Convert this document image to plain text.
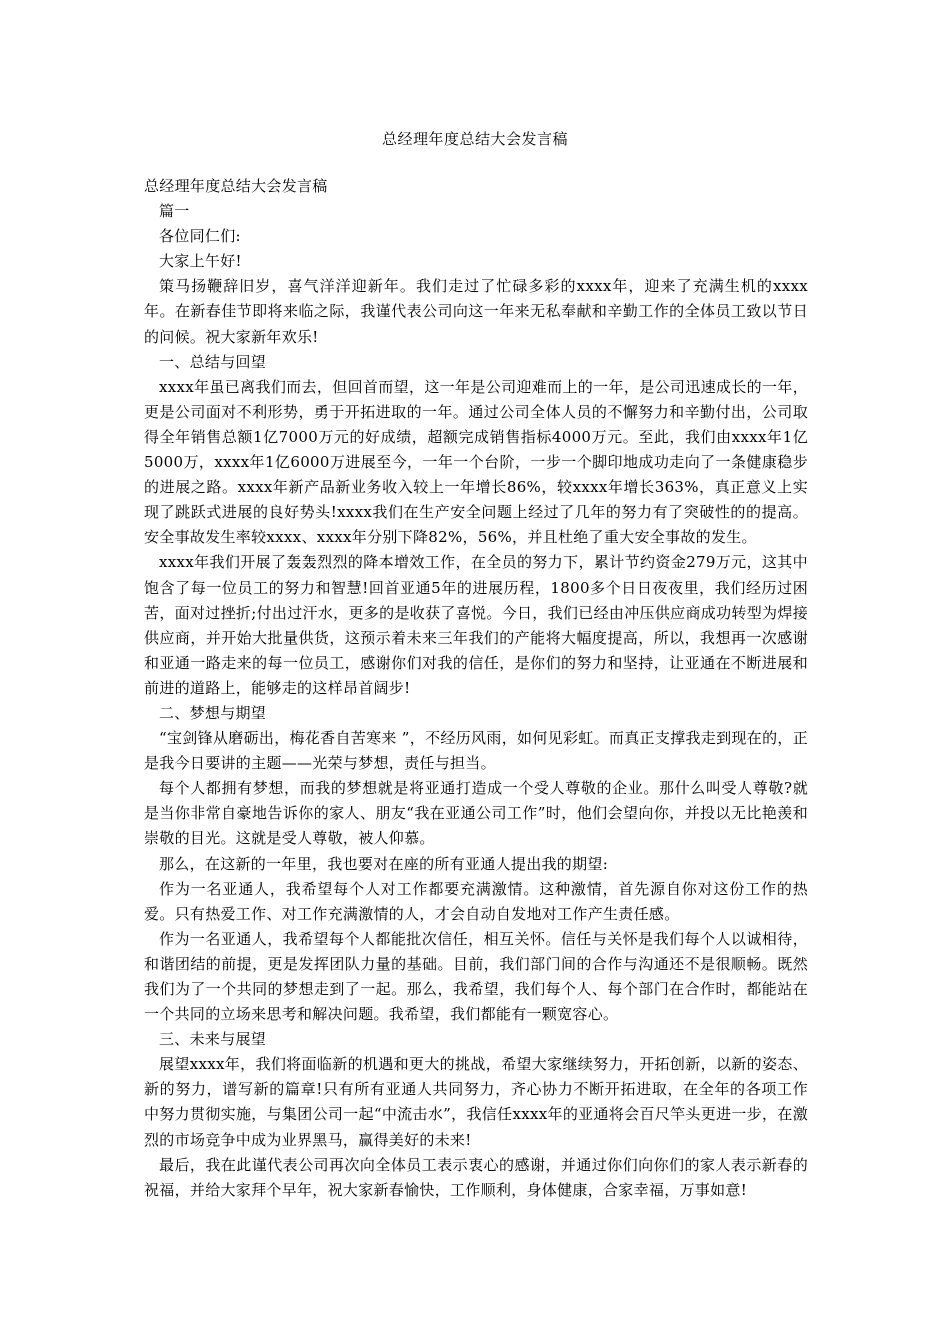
总经理年度总结大会发言稿

总经理年度总结大会发言稿

篇一

各位同仁们:

大家上午好!

策马扬鞭辞旧岁，喜气洋洋迎新年。我们走过了忙碌多彩的xxxx年，迎来了充满生机的xxxx年。在新春佳节即将来临之际，我谨代表公司向这一年来无私奉献和辛勤工作的全体员工致以节日的问候。祝大家新年欢乐!

一、总结与回望

xxxx年虽已离我们而去，但回首而望，这一年是公司迎难而上的一年，是公司迅速成长的一年，更是公司面对不利形势，勇于开拓进取的一年。通过公司全体人员的不懈努力和辛勤付出，公司取得全年销售总额1亿7000万元的好成绩，超额完成销售指标4000万元。至此，我们由xxxx年1亿5000万，xxxx年1亿6000万进展至今，一年一个台阶，一步一个脚印地成功走向了一条健康稳步的进展之路。xxxx年新产品新业务收入较上一年增长86%，较xxxx年增长363%，真正意义上实现了跳跃式进展的良好势头!xxxx我们在生产安全问题上经过了几年的努力有了突破性的的提高。安全事故发生率较xxxx、xxxx年分别下降82%，56%，并且杜绝了重大安全事故的发生。

xxxx年我们开展了轰轰烈烈的降本增效工作，在全员的努力下，累计节约资金279万元，这其中饱含了每一位员工的努力和智慧!回首亚通5年的进展历程，1800多个日日夜夜里，我们经历过困苦，面对过挫折;付出过汗水，更多的是收获了喜悦。今日，我们已经由冲压供应商成功转型为焊接供应商，并开始大批量供货，这预示着未来三年我们的产能将大幅度提高，所以，我想再一次感谢和亚通一路走来的每一位员工，感谢你们对我的信任，是你们的努力和坚持，让亚通在不断进展和前进的道路上，能够走的这样昂首阔步!

二、梦想与期望

“宝剑锋从磨砺出，梅花香自苦寒来 ”，不经历风雨，如何见彩虹。而真正支撑我走到现在的，正是我今日要讲的主题——光荣与梦想，责任与担当。

每个人都拥有梦想，而我的梦想就是将亚通打造成一个受人尊敬的企业。那什么叫受人尊敬?就是当你非常自豪地告诉你的家人、朋友“我在亚通公司工作”时，他们会望向你，并投以无比艳羡和崇敬的目光。这就是受人尊敬，被人仰慕。

那么，在这新的一年里，我也要对在座的所有亚通人提出我的期望:

作为一名亚通人，我希望每个人对工作都要充满激情。这种激情，首先源自你对这份工作的热爱。只有热爱工作、对工作充满激情的人，才会自动自发地对工作产生责任感。

作为一名亚通人，我希望每个人都能批次信任，相互关怀。信任与关怀是我们每个人以诚相待，和谐团结的前提，更是发挥团队力量的基础。目前，我们部门间的合作与沟通还不是很顺畅。既然我们为了一个共同的梦想走到了一起。那么，我希望，我们每个人、每个部门在合作时，都能站在一个共同的立场来思考和解决问题。我希望，我们都能有一颗宽容心。

三、未来与展望

展望xxxx年，我们将面临新的机遇和更大的挑战，希望大家继续努力，开拓创新，以新的姿态、新的努力，谱写新的篇章!只有所有亚通人共同努力，齐心协力不断开拓进取，在全年的各项工作中努力贯彻实施，与集团公司一起“中流击水”，我信任xxxx年的亚通将会百尺竿头更进一步，在激烈的市场竞争中成为业界黑马，赢得美好的未来!

最后，我在此谨代表公司再次向全体员工表示衷心的感谢，并通过你们向你们的家人表示新春的祝福，并给大家拜个早年，祝大家新春愉快，工作顺利，身体健康，合家幸福，万事如意!
